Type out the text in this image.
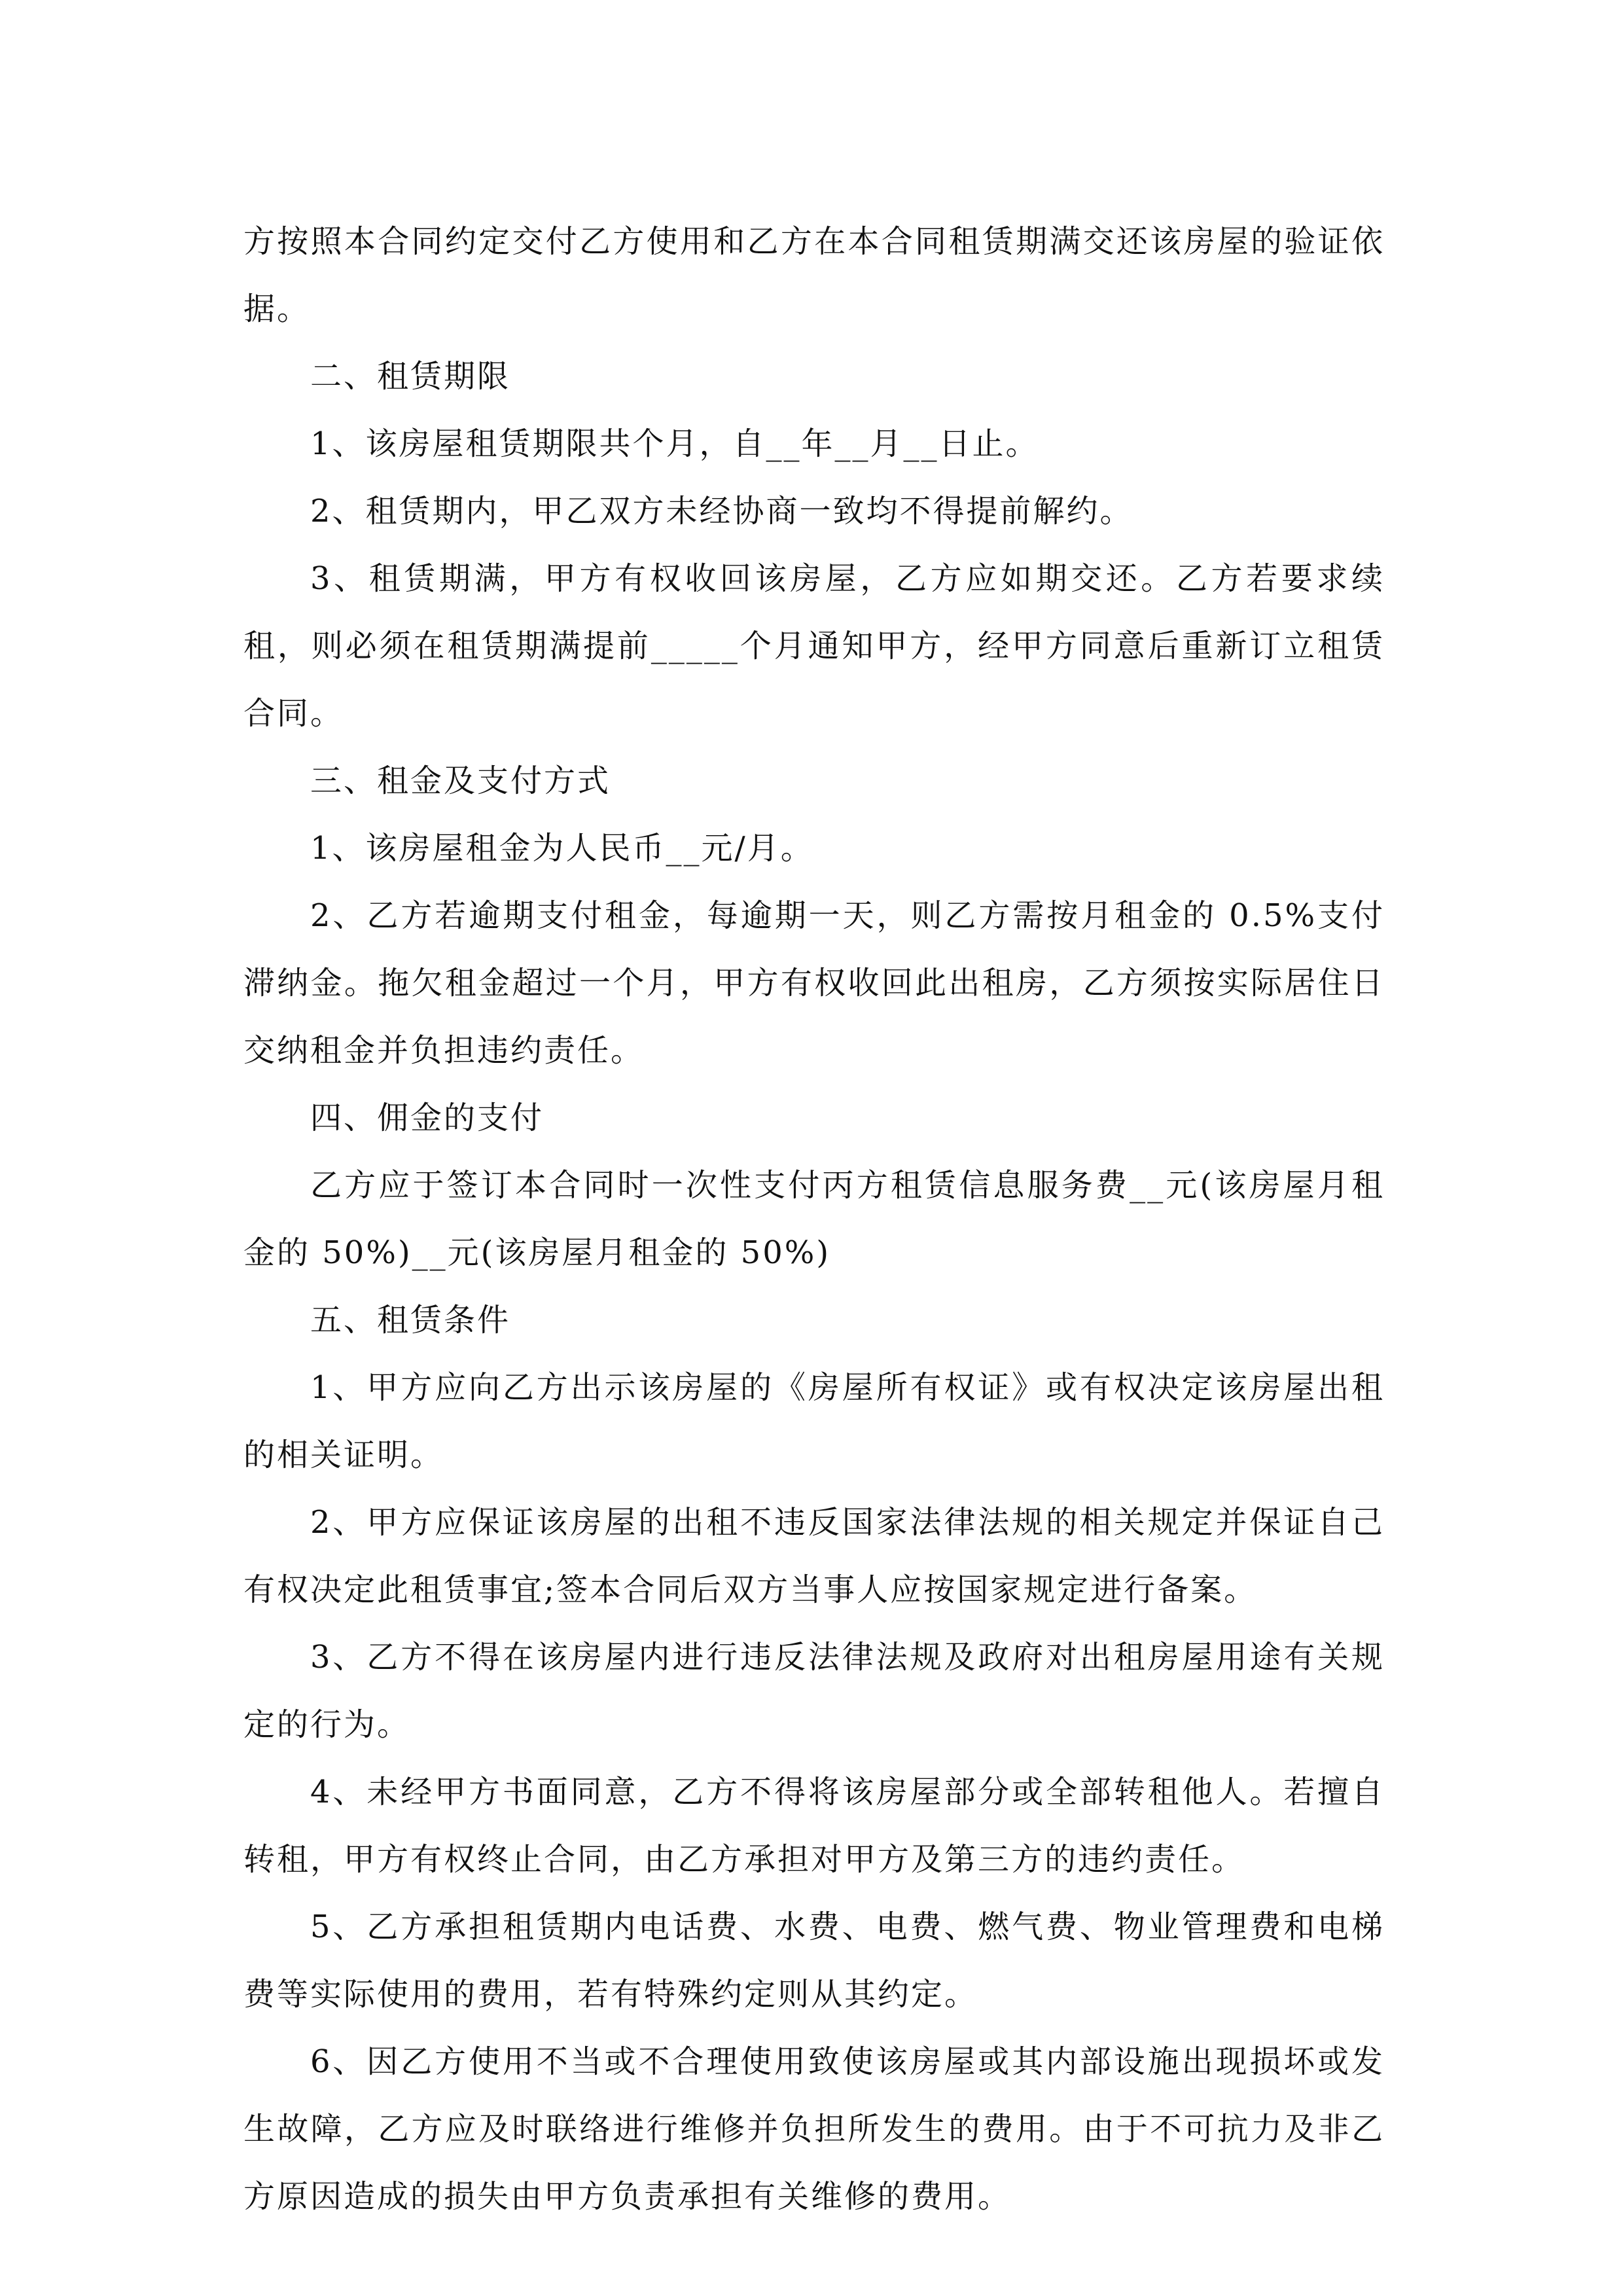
方按照本合同约定交付乙方使用和乙方在本合同租赁期满交还该房屋的验证依据。

二、租赁期限

1、该房屋租赁期限共个月，自__年__月__日止。

2、租赁期内，甲乙双方未经协商一致均不得提前解约。

3、租赁期满，甲方有权收回该房屋，乙方应如期交还。乙方若要求续租，则必须在租赁期满提前_____个月通知甲方，经甲方同意后重新订立租赁合同。

三、租金及支付方式

1、该房屋租金为人民币__元/月。

2、乙方若逾期支付租金，每逾期一天，则乙方需按月租金的 0.5%支付滞纳金。拖欠租金超过一个月，甲方有权收回此出租房，乙方须按实际居住日交纳租金并负担违约责任。

四、佣金的支付

乙方应于签订本合同时一次性支付丙方租赁信息服务费__元(该房屋月租金的 50%)__元(该房屋月租金的 50%)

五、租赁条件

1、甲方应向乙方出示该房屋的《房屋所有权证》或有权决定该房屋出租的相关证明。

2、甲方应保证该房屋的出租不违反国家法律法规的相关规定并保证自己有权决定此租赁事宜;签本合同后双方当事人应按国家规定进行备案。

3、乙方不得在该房屋内进行违反法律法规及政府对出租房屋用途有关规定的行为。

4、未经甲方书面同意，乙方不得将该房屋部分或全部转租他人。若擅自转租，甲方有权终止合同，由乙方承担对甲方及第三方的违约责任。

5、乙方承担租赁期内电话费、水费、电费、燃气费、物业管理费和电梯费等实际使用的费用，若有特殊约定则从其约定。

6、因乙方使用不当或不合理使用致使该房屋或其内部设施出现损坏或发生故障，乙方应及时联络进行维修并负担所发生的费用。由于不可抗力及非乙方原因造成的损失由甲方负责承担有关维修的费用。
